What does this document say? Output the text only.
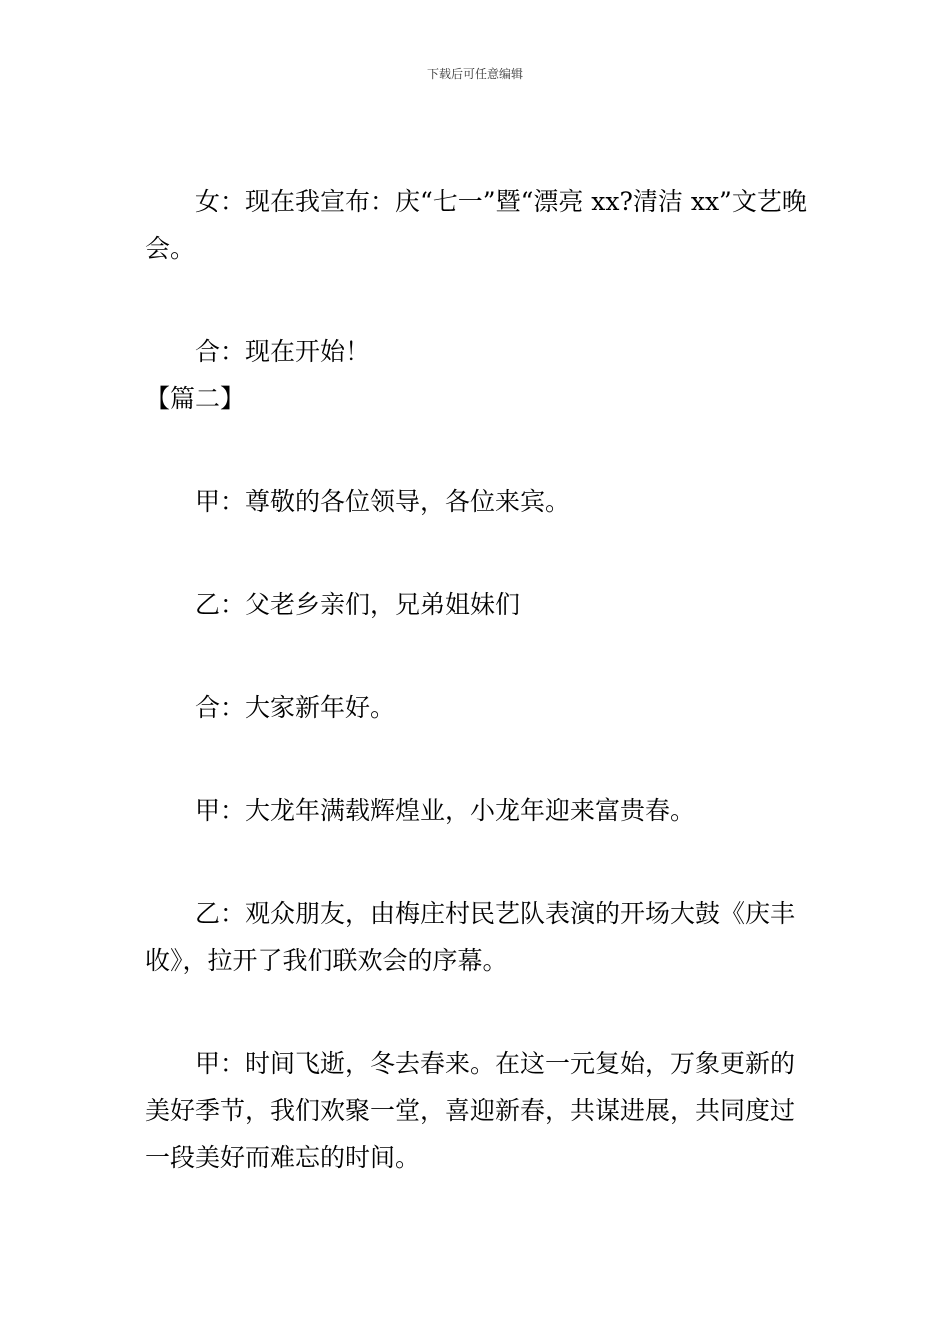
下载后可任意编辑

女：现在我宣布：庆“七一”暨“漂亮 xx?清洁 xx”文艺晚会。

合：现在开始！

【篇二】

甲：尊敬的各位领导，各位来宾。

乙：父老乡亲们，兄弟姐妹们

合：大家新年好。

甲：大龙年满载辉煌业，小龙年迎来富贵春。

乙：观众朋友，由梅庄村民艺队表演的开场大鼓《庆丰收》，拉开了我们联欢会的序幕。

甲：时间飞逝，冬去春来。在这一元复始，万象更新的美好季节，我们欢聚一堂，喜迎新春，共谋进展，共同度过一段美好而难忘的时间。
